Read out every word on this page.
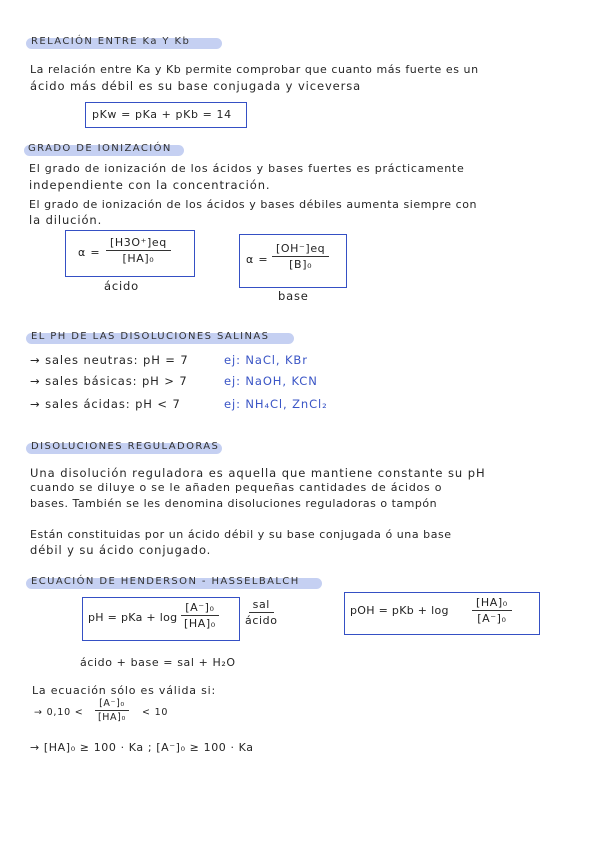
RELACIÓN ENTRE Ka Y Kb
La relación entre Ka y Kb permite comprobar que cuanto más fuerte es un
ácido más débil es su base conjugada y viceversa
pKw = pKa + pKb = 14
GRADO DE IONIZACIÓN
El grado de ionización de los ácidos y bases fuertes es prácticamente
independiente con la concentración.
El grado de ionización de los ácidos y bases débiles aumenta siempre con
la dilución.
$\alpha = \frac{[H3O^+]eq}{\text{[HA]₀}}$
ácido
$\alpha = \frac{[OH^-]eq}{\text{[B]₀}}$
base
EL PH DE LAS DISOLUCIONES SALINAS
→ sales neutras: pH = 7	ej: NaCl, KBr
→ sales básicas: pH > 7	ej: NaOH, KCN
→ sales ácidas: pH < 7	ej: NH₄Cl, ZnCl₂
DISOLUCIONES REGULADORAS
Una disolución reguladora es aquella que mantiene constante su pH
cuando se diluye o se le añaden pequeñas cantidades de ácidos o
bases. También se les denomina disoluciones reguladoras o tampón
Están constituidas por un ácido débil y su base conjugada ó una base
débil y su ácido conjugado.
ECUACIÓN DE HENDERSON - HASSELBALCH
pH = pKa + $\log \frac{\text{[A⁻]₀}}{\text{[HA]₀}}$	sal
ácido
pOH = pKb + $\log \frac{\text{[HA]₀}}{\text{[A⁻]₀}}$
ácido + base = sal + H₂O
La ecuación sólo es válida si:
→ $0,10 < \frac{\text{[A⁻]₀}}{\text{[HA]₀}} < 10$
→ [HA]₀ ≥ 100 · Ka ; [A⁻]₀ ≥ 100 · Ka
